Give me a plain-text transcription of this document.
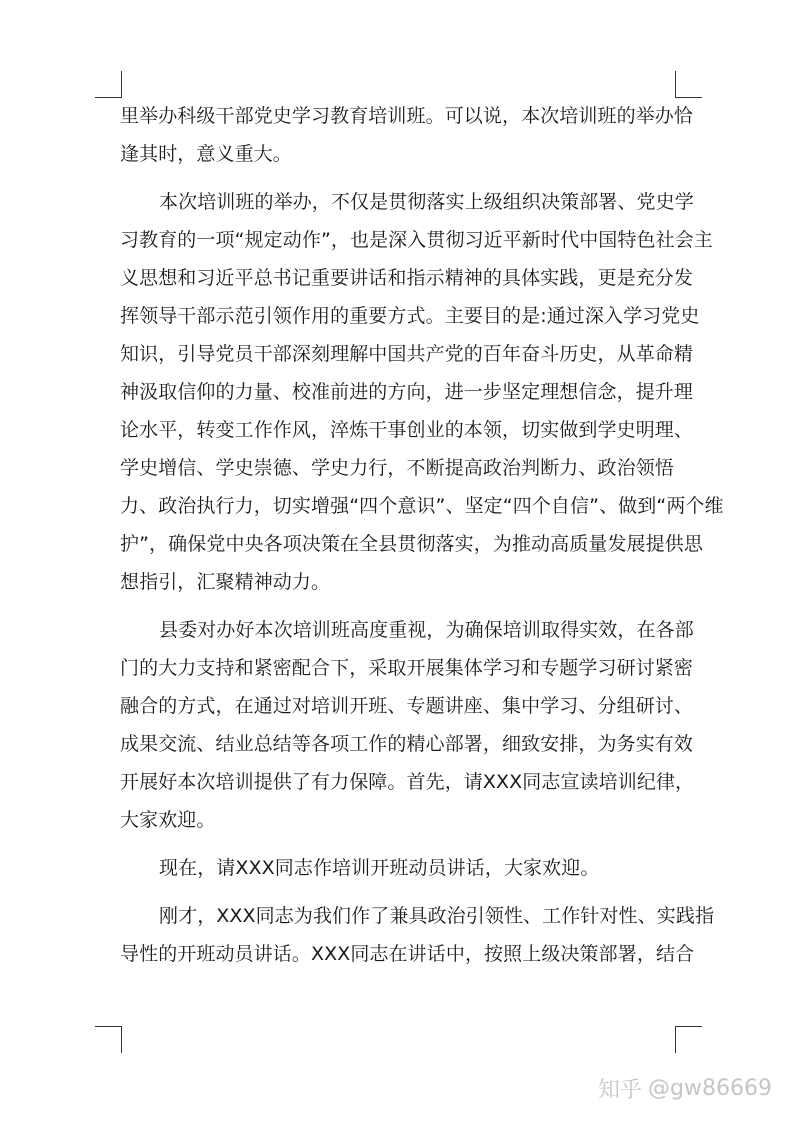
里举办科级干部党史学习教育培训班。可以说，本次培训班的举办恰
逢其时，意义重大。
本次培训班的举办，不仅是贯彻落实上级组织决策部署、党史学
习教育的一项“规定动作”，也是深入贯彻习近平新时代中国特色社会主
义思想和习近平总书记重要讲话和指示精神的具体实践，更是充分发
挥领导干部示范引领作用的重要方式。主要目的是:通过深入学习党史
知识，引导党员干部深刻理解中国共产党的百年奋斗历史，从革命精
神汲取信仰的力量、校准前进的方向，进一步坚定理想信念，提升理
论水平，转变工作作风，淬炼干事创业的本领，切实做到学史明理、
学史增信、学史崇德、学史力行，不断提高政治判断力、政治领悟
力、政治执行力，切实增强“四个意识”、坚定“四个自信”、做到“两个维
护”，确保党中央各项决策在全县贯彻落实，为推动高质量发展提供思
想指引，汇聚精神动力。
县委对办好本次培训班高度重视，为确保培训取得实效，在各部
门的大力支持和紧密配合下，采取开展集体学习和专题学习研讨紧密
融合的方式，在通过对培训开班、专题讲座、集中学习、分组研讨、
成果交流、结业总结等各项工作的精心部署，细致安排，为务实有效
开展好本次培训提供了有力保障。首先，请XXX同志宣读培训纪律，
大家欢迎。
现在，请XXX同志作培训开班动员讲话，大家欢迎。
刚才，XXX同志为我们作了兼具政治引领性、工作针对性、实践指
导性的开班动员讲话。XXX同志在讲话中，按照上级决策部署，结合
知乎 @gw86669
